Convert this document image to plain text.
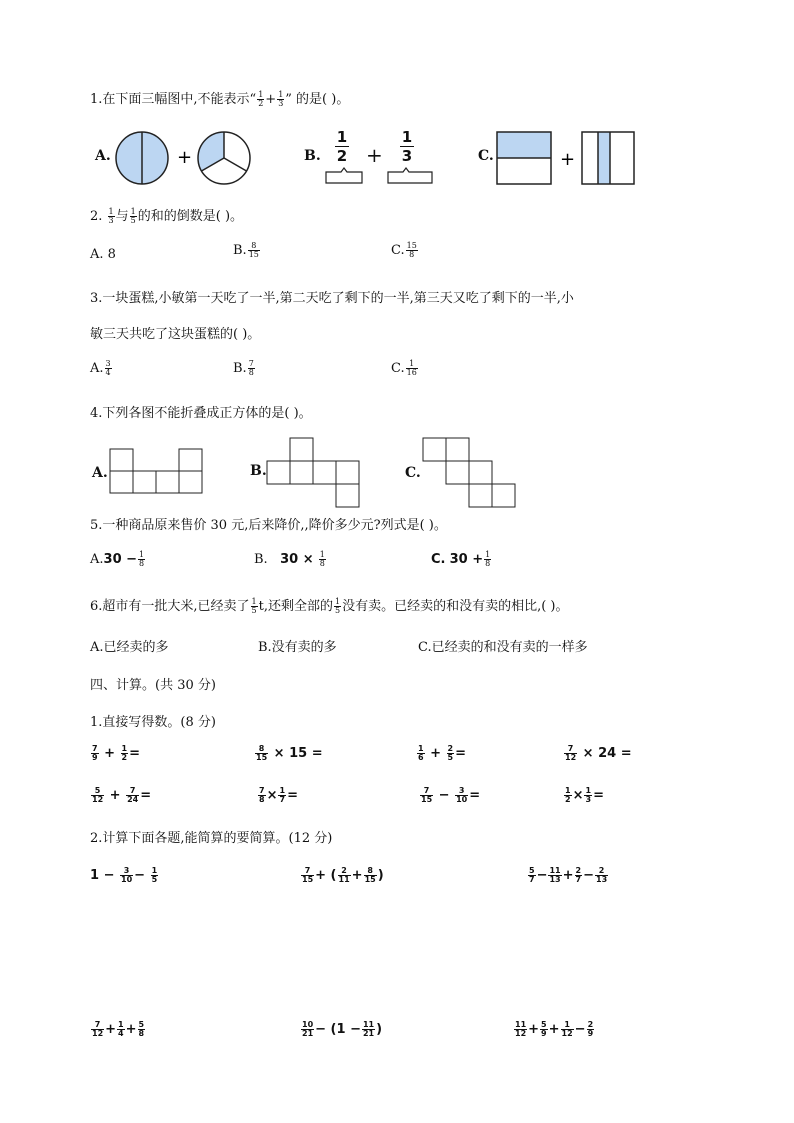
1.在下面三幅图中,不能表示“ $\frac{1}{2} + \frac{1}{3}$ ” 的是( )。
A.	+	B.
1
2 +
1
3	C.	+
2. $\frac{1}{3}$ 与 $\frac{1}{5}$ 的和的倒数是( )。
A. 8	B. $\frac{8}{15}$	C. $\frac{15}{8}$
3.一块蛋糕,小敏第一天吃了一半,第二天吃了剩下的一半,第三天又吃了剩下的一半,小
敏三天共吃了这块蛋糕的( )。
A. $\frac{3}{4}$	B. $\frac{7}{8}$	C. $\frac{1}{16}$
4.下列各图不能折叠成正方体的是( )。
A.	B.	C.
5.一种商品原来售价 30 元,后来降价,,降价多少元?列式是( )。
$A.30 - \frac{1}{8}$	B. $30 \times \frac{1}{8}$	C. $30 + \frac{1}{8}$
6.超市有一批大米,已经卖了 $\frac{1}{5} t$,还剩全部的 $\frac{1}{5}$ 没有卖。已经卖的和没有卖的相比,( )。
A.已经卖的多	B.没有卖的多	C.已经卖的和没有卖的一样多
四、计算。(共 30 分)
1.直接写得数。(8 分)
$\frac{7}{9} + \frac{1}{2}$ =	$\frac{8}{15} \times 15$ =	$\frac{1}{6} + \frac{2}{5}$ =	$\frac{7}{12} \times 24$ =
$\frac{5}{12} + \frac{7}{24}$ =	$\frac{7}{8} \times \frac{1}{7}$ =	$\frac{7}{15} - \frac{3}{10}$ =	$\frac{1}{2} \times \frac{1}{3}$ =
2.计算下面各题,能简算的要简算。(12 分)
$1 - \frac{3}{10} - \frac{1}{5}$	$\frac{7}{15}$ + ( $\frac{2}{11} + \frac{8}{15}$ )	$\frac{5}{7} - \frac{11}{13} + \frac{2}{7} - \frac{2}{13}$
$\frac{7}{12} + \frac{1}{4} + \frac{5}{8}$	$\frac{10}{21} - (1 - \frac{11}{21}$ )	$\frac{11}{12} + \frac{5}{9} + \frac{1}{12} - \frac{2}{9}$
